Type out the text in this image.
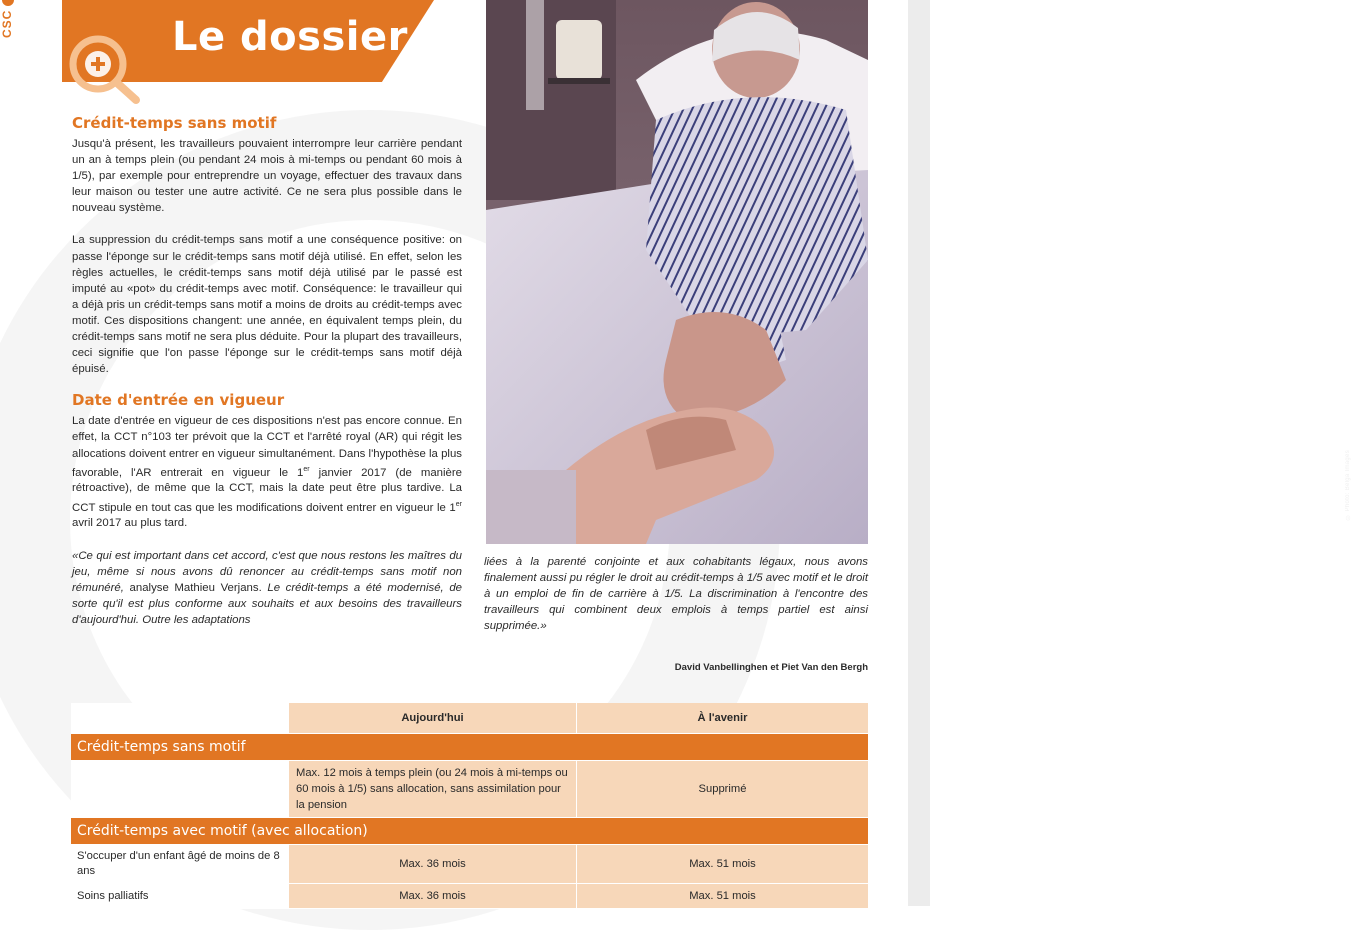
CSC	Le dossier
Crédit-temps sans motif

Jusqu'à présent, les travailleurs pouvaient interrompre leur carrière pendant un an à temps plein (ou pendant 24 mois à mi-temps ou pendant 60 mois à 1/5), par exemple pour entreprendre un voyage, effectuer des travaux dans leur maison ou tester une autre activité. Ce ne sera plus possible dans le nouveau système.

La suppression du crédit-temps sans motif a une conséquence positive: on passe l'éponge sur le crédit-temps sans motif déjà utilisé. En effet, selon les règles actuelles, le crédit-temps sans motif déjà utilisé par le passé est imputé au «pot» du crédit-temps avec motif. Conséquence: le travailleur qui a déjà pris un crédit-temps sans motif a moins de droits au crédit-temps avec motif. Ces dispositions changent: une année, en équivalent temps plein, du crédit-temps sans motif ne sera plus déduite. Pour la plupart des travailleurs, ceci signifie que l'on passe l'éponge sur le crédit-temps sans motif déjà épuisé.

Date d'entrée en vigueur

La date d'entrée en vigueur de ces dispositions n'est pas encore connue. En effet, la CCT n°103 ter prévoit que la CCT et l'arrêté royal (AR) qui régit les allocations doivent entrer en vigueur simultanément. Dans l'hypothèse la plus favorable, l'AR entrerait en vigueur le 1er janvier 2017 (de manière rétroactive), de même que la CCT, mais la date peut être plus tardive. La CCT stipule en tout cas que les modifications doivent entrer en vigueur le 1er avril 2017 au plus tard.

«Ce qui est important dans cet accord, c'est que nous restons les maîtres du jeu, même si nous avons dû renoncer au crédit-temps sans motif non rémunéré, analyse Mathieu Verjans. Le crédit-temps a été modernisé, de sorte qu'il est plus conforme aux souhaits et aux besoins des travailleurs d'aujourd'hui. Outre les adaptations

© Photo: Belga Images

liées à la parenté conjointe et aux cohabitants légaux, nous avons finalement aussi pu régler le droit au crédit-temps à 1/5 avec motif et le droit à un emploi de fin de carrière à 1/5. La discrimination à l'encontre des travailleurs qui combinent deux emplois à temps partiel est ainsi supprimée.»

David Vanbellinghen et Piet Van den Bergh
	Aujourd'hui	À l'avenir
Crédit-temps sans motif		
	Max. 12 mois à temps plein (ou 24 mois à mi-temps ou 60 mois à 1/5) sans allocation, sans assimilation pour la pension	Supprimé
Crédit-temps avec motif (avec allocation)		
S'occuper d'un enfant âgé de moins de 8 ans	Max. 36 mois	Max. 51 mois
Soins palliatifs	Max. 36 mois	Max. 51 mois
